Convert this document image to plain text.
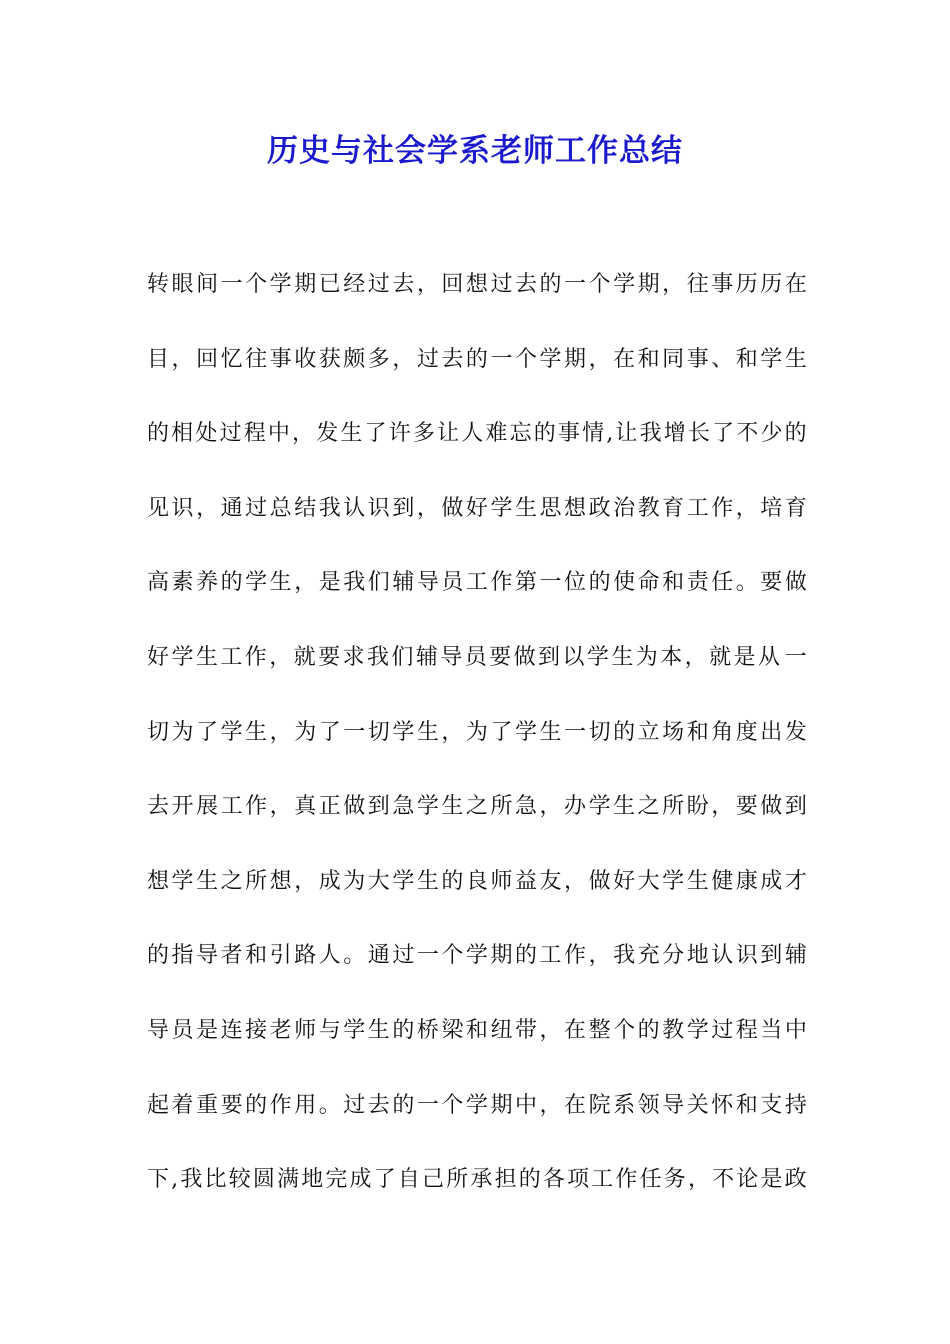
历史与社会学系老师工作总结
转 眼 间 一 个 学 期 已 经 过 去 ， 回 想 过 去 的 一 个 学 期 ， 往 事 历 历 在
目 ， 回 忆 往 事 收 获 颇 多 ， 过 去 的 一 个 学 期 ， 在 和 同 事 、 和 学 生
的 相 处 过 程 中 ， 发 生 了 许 多 让 人 难 忘 的 事 情 , 让 我 增 长 了 不 少 的
见 识 ， 通 过 总 结 我 认 识 到 ， 做 好 学 生 思 想 政 治 教 育 工 作 ， 培 育
高 素 养 的 学 生 ， 是 我 们 辅 导 员 工 作 第 一 位 的 使 命 和 责 任 。 要 做
好 学 生 工 作 ， 就 要 求 我 们 辅 导 员 要 做 到 以 学 生 为 本 ， 就 是 从 一
切 为 了 学 生 ， 为 了 一 切 学 生 ， 为 了 学 生 一 切 的 立 场 和 角 度 出 发
去 开 展 工 作 ， 真 正 做 到 急 学 生 之 所 急 ， 办 学 生 之 所 盼 ， 要 做 到
想 学 生 之 所 想 ， 成 为 大 学 生 的 良 师 益 友 ， 做 好 大 学 生 健 康 成 才
的 指 导 者 和 引 路 人 。 通 过 一 个 学 期 的 工 作 ， 我 充 分 地 认 识 到 辅
导 员 是 连 接 老 师 与 学 生 的 桥 梁 和 纽 带 ， 在 整 个 的 教 学 过 程 当 中
起 着 重 要 的 作 用 。 过 去 的 一 个 学 期 中 ， 在 院 系 领 导 关 怀 和 支 持
下 , 我 比 较 圆 满 地 完 成 了 自 己 所 承 担 的 各 项 工 作 任 务 ， 不 论 是 政
